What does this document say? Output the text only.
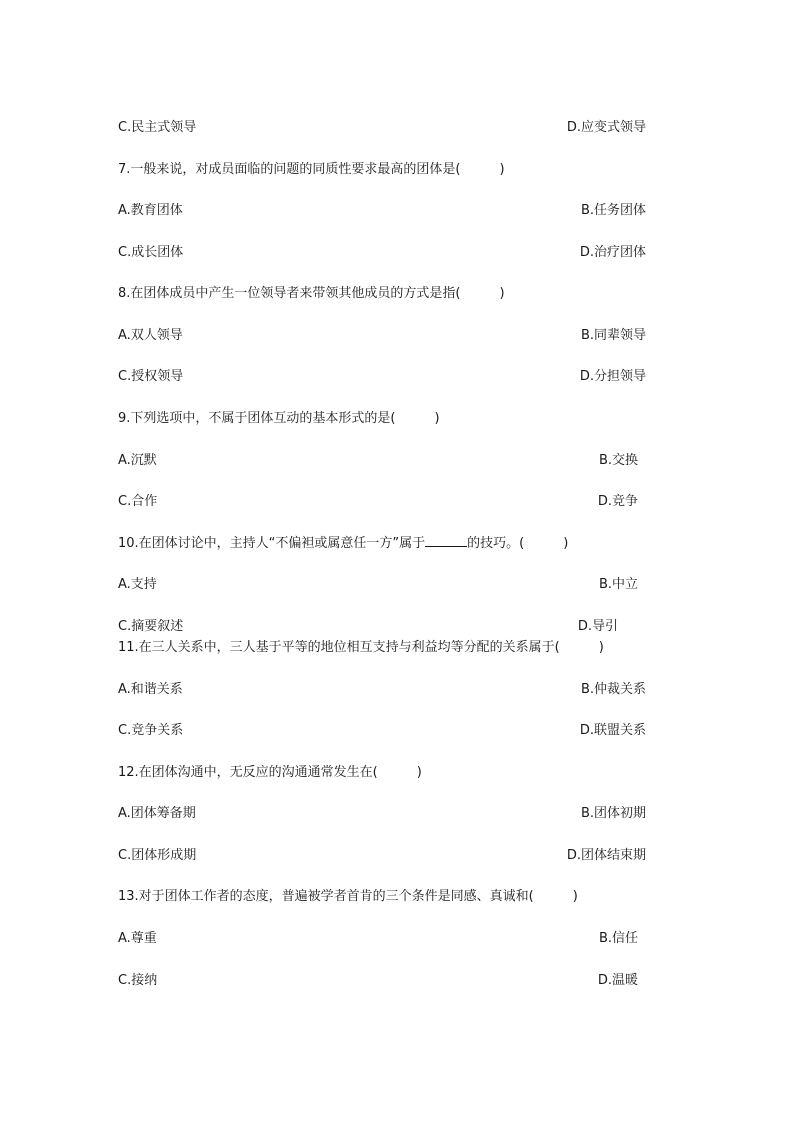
C.民主式领导	D.应变式领导
7.一般来说，对成员面临的问题的同质性要求最高的团体是(　　　)
A.教育团体	B.任务团体
C.成长团体	D.治疗团体
8.在团体成员中产生一位领导者来带领其他成员的方式是指(　　　)
A.双人领导	B.同辈领导
C.授权领导	D.分担领导
9.下列选项中，不属于团体互动的基本形式的是(　　　)
A.沉默	B.交换
C.合作	D.竞争
10.在团体讨论中，主持人“不偏袒或属意任一方”属于	的技巧。(　　　)
A.支持	B.中立
C.摘要叙述	D.导引
11.在三人关系中，三人基于平等的地位相互支持与利益均等分配的关系属于(　　　)
A.和谐关系	B.仲裁关系
C.竞争关系	D.联盟关系
12.在团体沟通中，无反应的沟通通常发生在(　　　)
A.团体筹备期	B.团体初期
C.团体形成期	D.团体结束期
13.对于团体工作者的态度，普遍被学者首肯的三个条件是同感、真诚和(　　　)
A.尊重	B.信任
C.接纳	D.温暖
